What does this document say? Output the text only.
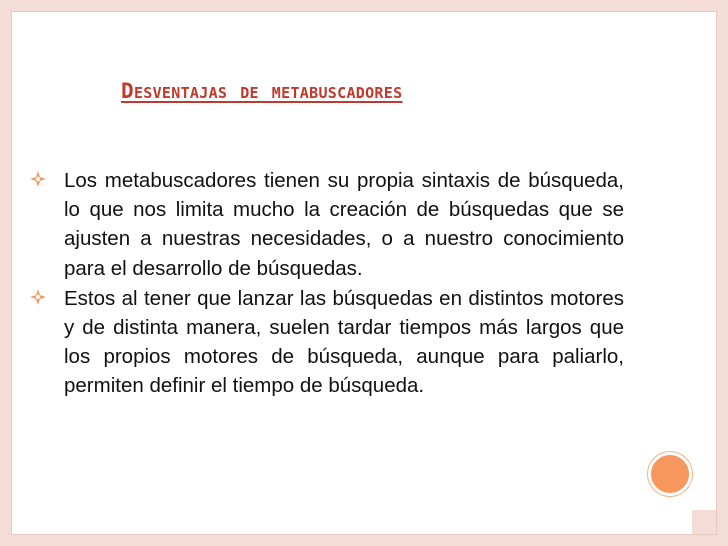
Desventajas de metabuscadores
Los metabuscadores tienen su propia sintaxis de búsqueda, lo que nos limita mucho la creación de búsquedas que se ajusten a nuestras necesidades, o a nuestro conocimiento para el desarrollo de búsquedas.
Estos al tener que lanzar las búsquedas en distintos motores y de distinta manera, suelen tardar tiempos más largos que los propios motores de búsqueda, aunque para paliarlo, permiten definir el tiempo de búsqueda.
